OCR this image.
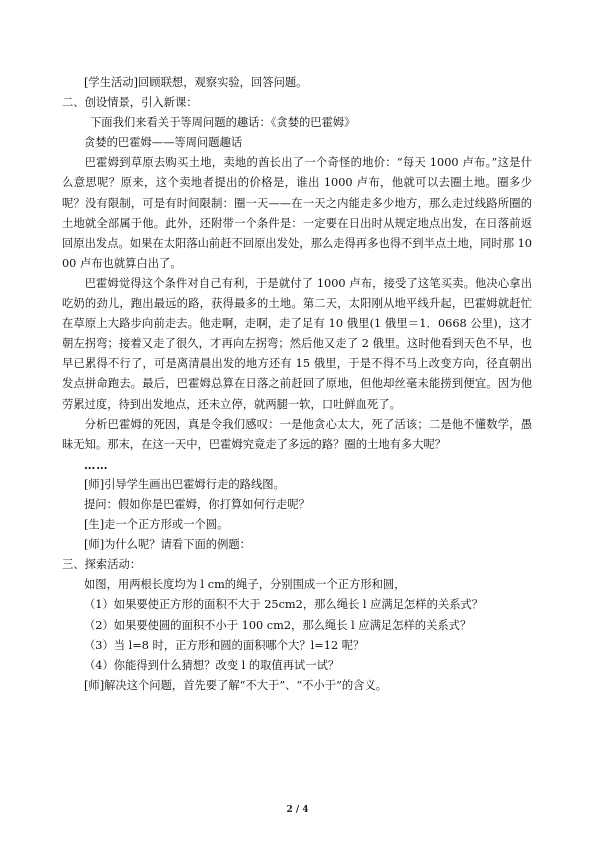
[学生活动]回顾联想，观察实验，回答问题。
二、创设情景，引入新课：
下面我们来看关于等周问题的趣话：《贪婪的巴霍姆》
贪婪的巴霍姆——等周问题趣话
巴霍姆到草原去购买土地，卖地的酋长出了一个奇怪的地价：“每天 1000 卢布。”这是什么意思呢？原来，这个卖地者提出的价格是，谁出 1000 卢布，他就可以去圈土地。圈多少呢？没有限制，可是有时间限制：圈一天——在一天之内能走多少地方，那么走过线路所圈的土地就全部属于他。此外，还附带一个条件是：一定要在日出时从规定地点出发，在日落前返回原出发点。如果在太阳落山前赶不回原出发处，那么走得再多也得不到半点土地，同时那 1000 卢布也就算白出了。
巴霍姆觉得这个条件对自己有利，于是就付了 1000 卢布，接受了这笔买卖。他决心拿出吃奶的劲儿，跑出最远的路，获得最多的土地。第二天，太阳刚从地平线升起，巴霍姆就赶忙在草原上大路步向前走去。他走啊，走啊，走了足有 10 俄里(1 俄里＝1．0668 公里)，这才朝左拐弯；接着又走了很久，才再向左拐弯；然后他又走了 2 俄里。这时他看到天色不早，也早已累得不行了，可是离清晨出发的地方还有 15 俄里，于是不得不马上改变方向，径直朝出发点拼命跑去。最后，巴霍姆总算在日落之前赶回了原地，但他却丝毫未能捞到便宜。因为他劳累过度，待到出发地点，还未立停，就两腿一软，口吐鲜血死了。
分析巴霍姆的死因，真是令我们感叹：一是他贪心太大，死了活该；二是他不懂数学，愚昧无知。那末，在这一天中，巴霍姆究竟走了多远的路？圈的土地有多大呢？
……
[师]引导学生画出巴霍姆行走的路线图。
提问：假如你是巴霍姆，你打算如何行走呢？
[生]走一个正方形或一个圆。
[师]为什么呢？请看下面的例题：
三、探索活动：
如图，用两根长度均为 l cm的绳子，分别围成一个正方形和圆，
（1）如果要使正方形的面积不大于 25cm2，那么绳长 l 应满足怎样的关系式？
（2）如果要使圆的面积不小于 100 cm2，那么绳长 l 应满足怎样的关系式？
（3）当 l=8 时，正方形和圆的面积哪个大？l=12 呢？
（4）你能得到什么猜想？改变 l 的取值再试一试？
[师]解决这个问题，首先要了解“不大于”、“不小于”的含义。
2 / 4
